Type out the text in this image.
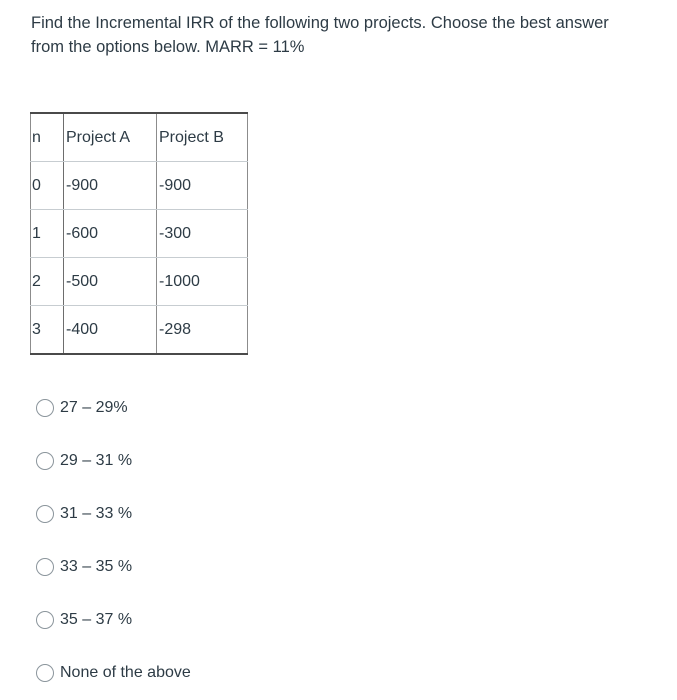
Find the Incremental IRR of the following two projects. Choose the best answer
from the options below. MARR = 11%

n	Project A	Project B
0	-900	-900
1	-600	-300
2	-500	-1000
3	-400	-298
27 – 29%
29 – 31 %
31 – 33 %
33 – 35 %
35 – 37 %
None of the above
